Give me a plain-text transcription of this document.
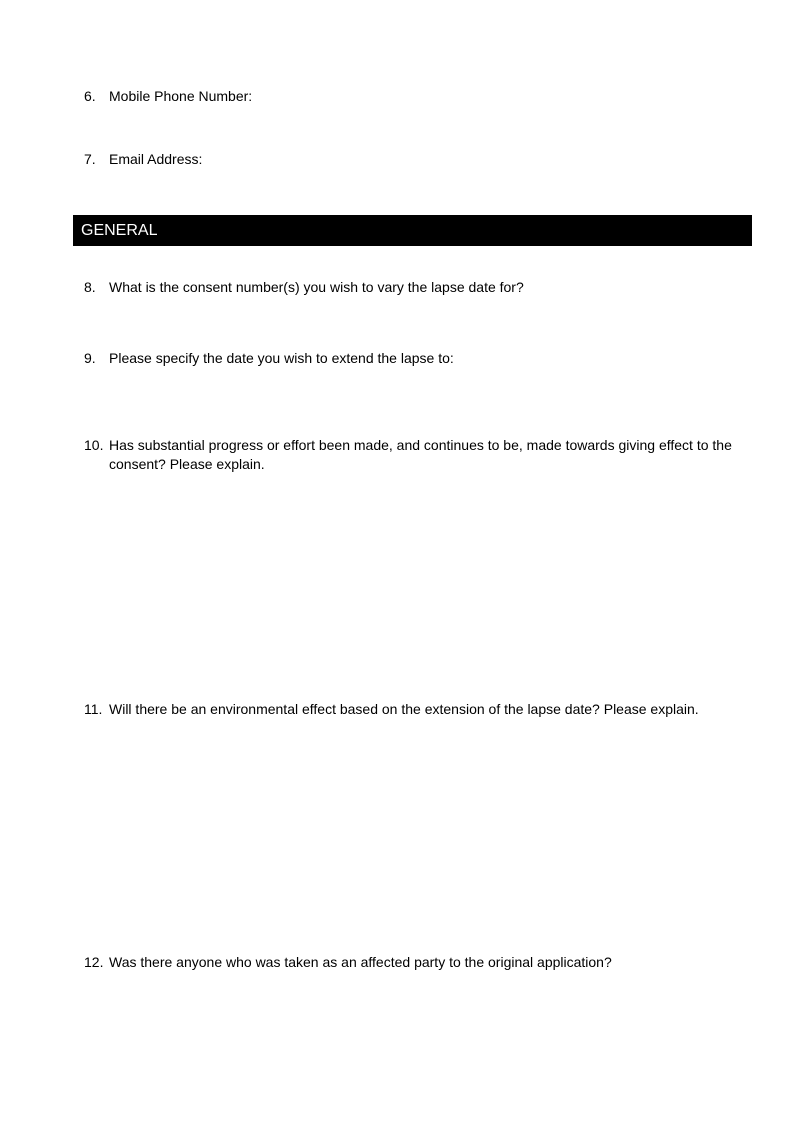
6. Mobile Phone Number:
7. Email Address:
GENERAL
8. What is the consent number(s) you wish to vary the lapse date for?
9. Please specify the date you wish to extend the lapse to:
10. Has substantial progress or effort been made, and continues to be, made towards giving effect to the consent? Please explain.
11. Will there be an environmental effect based on the extension of the lapse date? Please explain.
12. Was there anyone who was taken as an affected party to the original application?
